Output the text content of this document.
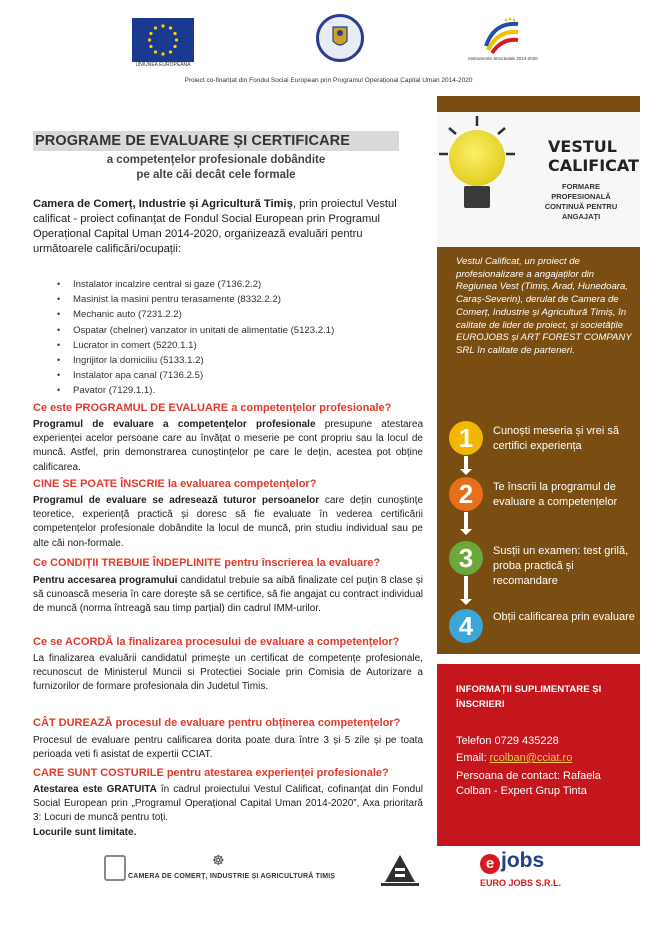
UNIUNEA EUROPEANĂ
Instrumente Structurale 2014-2020
Proiect co-finanțat din Fondul Social European prin Programul Operațional Capital Uman 2014-2020
PROGRAME DE EVALUARE ȘI CERTIFICARE
a competențelor profesionale dobândite
pe alte căi decât cele formale
Camera de Comerț, Industrie și Agricultură Timiș, prin proiectul Vestul calificat - proiect cofinanțat de Fondul Social European prin Programul Operațional Capital Uman 2014-2020, organizează evaluări pentru următoarele calificări/ocupații:
• Instalator incalzire central si gaze (7136.2.2)
• Masinist la masini pentru terasamente (8332.2.2)
• Mechanic auto (7231.2.2)
• Ospatar (chelner) vanzator in unitati de alimentatie (5123.2.1)
• Lucrator in comert (5220.1.1)
• Ingrijitor la domiciliu (5133.1.2)
• Instalator apa canal (7136.2.5)
• Pavator (7129.1.1).
Ce este PROGRAMUL DE EVALUARE a competențelor profesionale?
Programul de evaluare a competențelor profesionale presupune atestarea experienței acelor persoane care au învățat o meserie pe cont propriu sau la locul de muncă. Astfel, prin demonstrarea cunoștințelor pe care le dețin, acestea pot obține calificarea.
CINE SE POATE ÎNSCRIE la evaluarea competențelor?
Programul de evaluare se adresează tuturor persoanelor care dețin cunoștințe teoretice, experiență practică și doresc să fie evaluate în vederea certificării competențelor profesionale dobândite la locul de muncă, prin studiu individual sau pe alte căi non-formale.
Ce CONDIȚII TREBUIE ÎNDEPLINITE pentru înscrierea la evaluare?
Pentru accesarea programului candidatul trebuie sa aibă finalizate cel puțin 8 clase și să cunoască meseria în care dorește să se certifice, să fie angajat cu contract individual de muncă (norma întreagă sau timp parțial) din cadrul IMM-urilor.
Ce se ACORDĂ la finalizarea procesului de evaluare a competențelor?
La finalizarea evaluării candidatul primește un certificat de competențe profesionale, recunoscut de Ministerul Muncii si Protectiei Sociale prin Comisia de Autorizare a furnizorilor de formare profesionala din Judetul Timis.
CÂT DUREAZĂ procesul de evaluare pentru obținerea competențelor?
Procesul de evaluare pentru calificarea dorita poate dura între 3 și 5 zile și pe toata perioada veti fi asistat de expertii CCIAT.
CARE SUNT COSTURILE pentru atestarea experienței profesionale?
Atestarea este GRATUITA în cadrul proiectului Vestul Calificat, cofinanțat din Fondul Social European prin „Programul Operațional Capital Uman 2014-2020”, Axa prioritară 3: Locuri de muncă pentru toți.
Locurile sunt limitate.
VESTUL
CALIFICAT
FORMARE PROFESIONALĂ CONTINUĂ PENTRU ANGAJAȚI
Vestul Calificat, un proiect de profesionalizare a angajaților din Regiunea Vest (Timiș, Arad, Hunedoara, Caraș-Severin), derulat de Camera de Comerț, Industrie și Agricultură Timiș, în calitate de lider de proiect, și societățile EUROJOBS și ART FOREST COMPANY SRL în calitate de parteneri.
1	Cunoști meseria și vrei să certifici experiența
2	Te înscrii la programul de evaluare a competențelor
3	Susții un examen: test grilă, proba practică și recomandare
4	Obții calificarea prin evaluare
INFORMAȚII SUPLIMENTARE ȘI ÎNSCRIERI
Telefon 0729 435228
Email: rcolban@cciat.ro
Persoana de contact: Rafaela Colban - Expert Grup Tinta
☸
CAMERA DE COMERȚ, INDUSTRIE ȘI AGRICULTURĂ TIMIȘ
e jobs
EURO JOBS S.R.L.
